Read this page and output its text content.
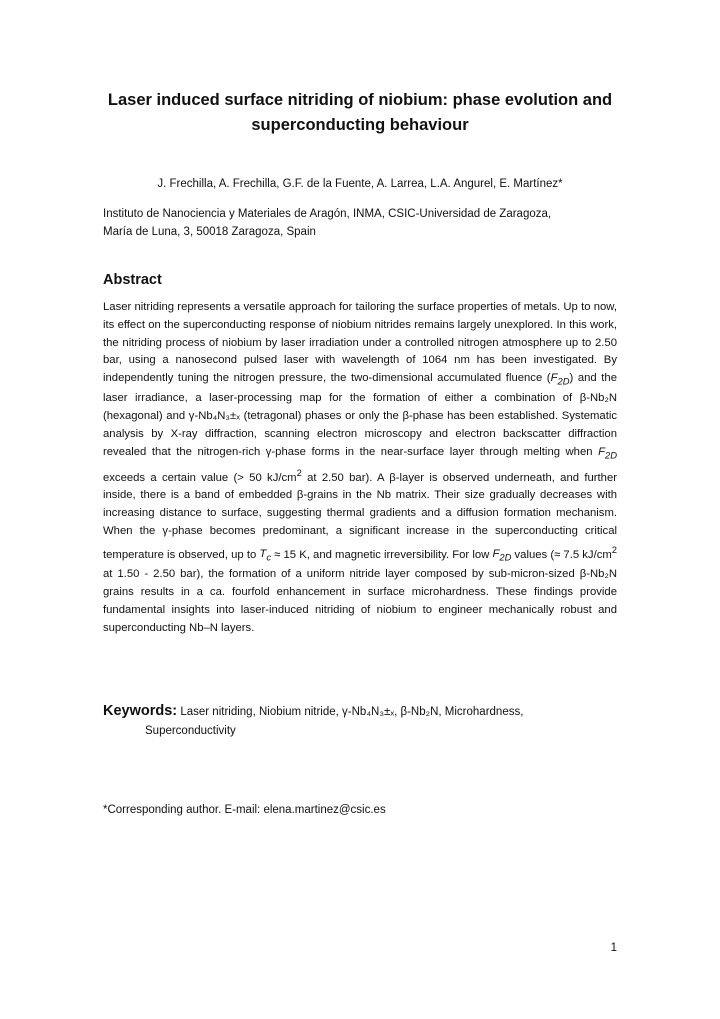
Laser induced surface nitriding of niobium: phase evolution and
superconducting behaviour
J. Frechilla, A. Frechilla, G.F. de la Fuente, A. Larrea, L.A. Angurel, E. Martínez*
Instituto de Nanociencia y Materiales de Aragón, INMA, CSIC-Universidad de Zaragoza,
María de Luna, 3, 50018 Zaragoza, Spain
Abstract

Laser nitriding represents a versatile approach for tailoring the surface properties of metals. Up to now, its effect on the superconducting response of niobium nitrides remains largely unexplored. In this work, the nitriding process of niobium by laser irradiation under a controlled nitrogen atmosphere up to 2.50 bar, using a nanosecond pulsed laser with wavelength of 1064 nm has been investigated. By independently tuning the nitrogen pressure, the two-dimensional accumulated fluence $(F_{2D})$ and the laser irradiance, a laser-processing map for the formation of either a combination of β-Nb₂N (hexagonal) and γ-Nb₄N₃±ₓ (tetragonal) phases or only the β-phase has been established. Systematic analysis by X-ray diffraction, scanning electron microscopy and electron backscatter diffraction revealed that the nitrogen-rich γ-phase forms in the near-surface layer through melting when $F_{2D}$ exceeds a certain value (> 50 $kJ/cm^2$ at 2.50 bar). A β-layer is observed underneath, and further inside, there is a band of embedded β-grains in the Nb matrix. Their size gradually decreases with increasing distance to surface, suggesting thermal gradients and a diffusion formation mechanism. When the γ-phase becomes predominant, a significant increase in the superconducting critical temperature is observed, up to $T_c \approx 15$ K, and magnetic irreversibility. For low $F_{2D}$ values (≈ 7.5 $kJ/cm^2$ at 1.50 - 2.50 bar), the formation of a uniform nitride layer composed by sub-micron-sized β-Nb₂N grains results in a ca. fourfold enhancement in surface microhardness. These findings provide fundamental insights into laser-induced nitriding of niobium to engineer mechanically robust and superconducting Nb–N layers.

Keywords: Laser nitriding, Niobium nitride, γ-Nb₄N₃±ₓ, β-Nb₂N, Microhardness,
Superconductivity
*Corresponding author. E-mail: elena.martinez@csic.es
1
